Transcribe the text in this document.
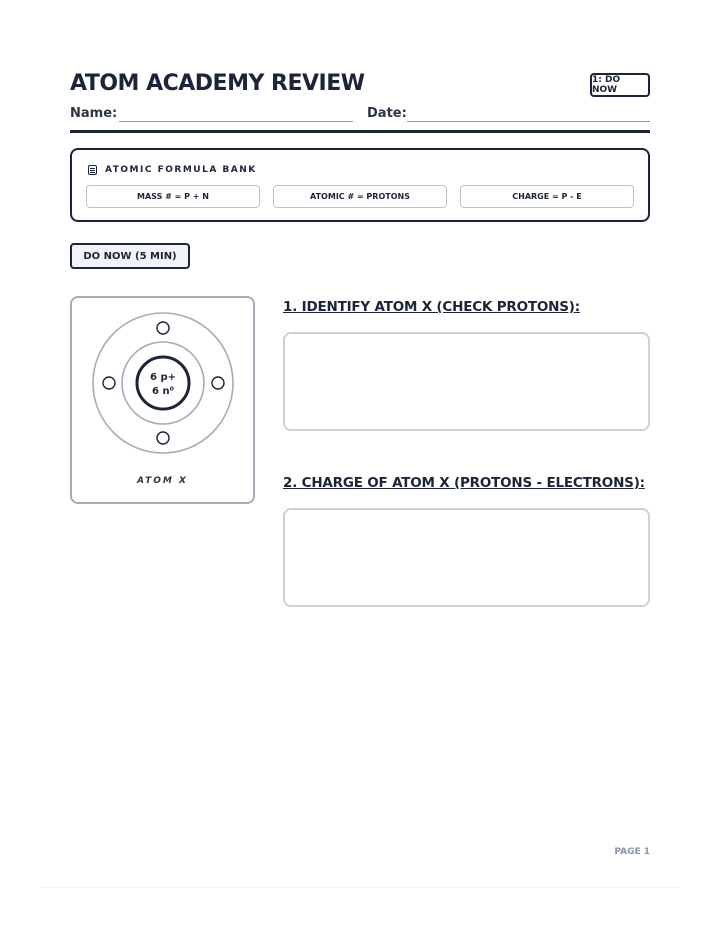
ATOM ACADEMY REVIEW	1: DO NOW
Name:	Date:
ATOMIC FORMULA BANK
MASS # = P + N	ATOMIC # = PROTONS	CHARGE = P - E
DO NOW (5 MIN)
6 p+
6 n⁰
ATOM X
1. IDENTIFY ATOM X (CHECK PROTONS):
2. CHARGE OF ATOM X (PROTONS - ELECTRONS):
PAGE 1
